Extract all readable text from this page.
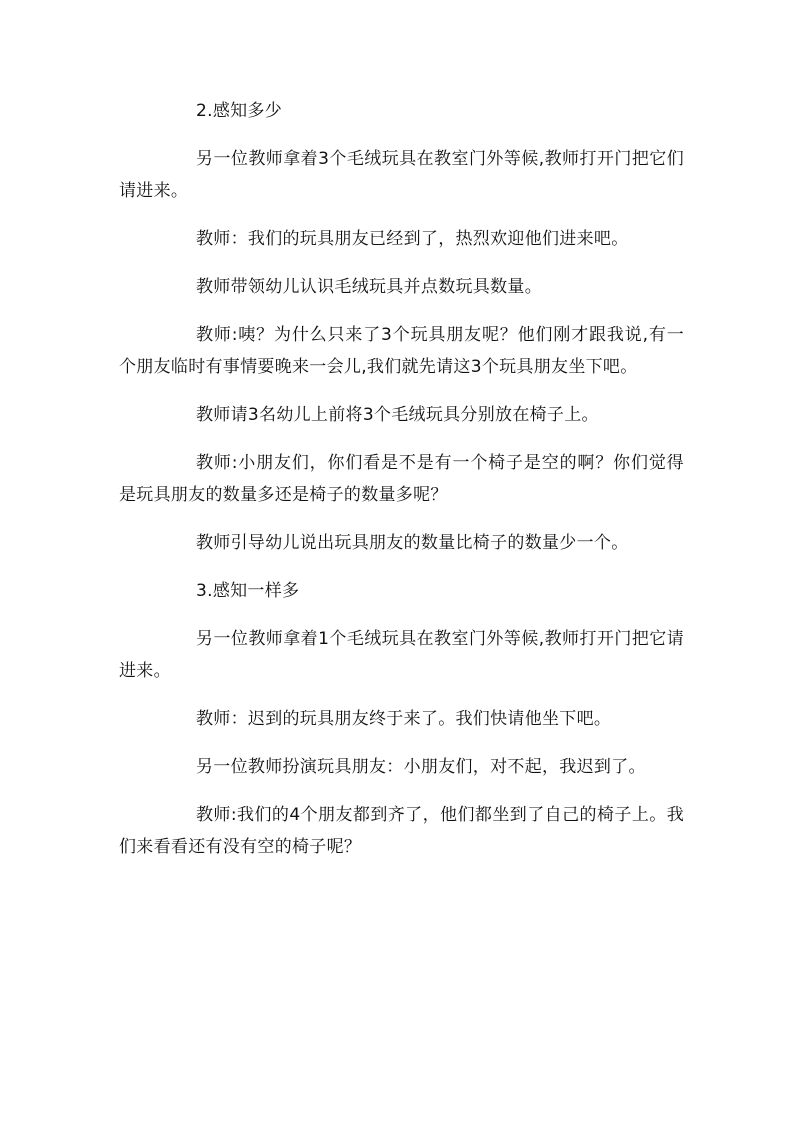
2.感知多少

另一位教师拿着3个毛绒玩具在教室门外等候,教师打开门把它们请进来。

教师：我们的玩具朋友已经到了，热烈欢迎他们进来吧。

教师带领幼儿认识毛绒玩具并点数玩具数量。

教师:咦？为什么只来了3个玩具朋友呢？他们刚才跟我说,有一个朋友临时有事情要晚来一会儿,我们就先请这3个玩具朋友坐下吧。

教师请3名幼儿上前将3个毛绒玩具分别放在椅子上。

教师:小朋友们，你们看是不是有一个椅子是空的啊？你们觉得是玩具朋友的数量多还是椅子的数量多呢？

教师引导幼儿说出玩具朋友的数量比椅子的数量少一个。

3.感知一样多

另一位教师拿着1个毛绒玩具在教室门外等候,教师打开门把它请进来。

教师：迟到的玩具朋友终于来了。我们快请他坐下吧。

另一位教师扮演玩具朋友：小朋友们，对不起，我迟到了。

教师:我们的4个朋友都到齐了，他们都坐到了自己的椅子上。我们来看看还有没有空的椅子呢？
